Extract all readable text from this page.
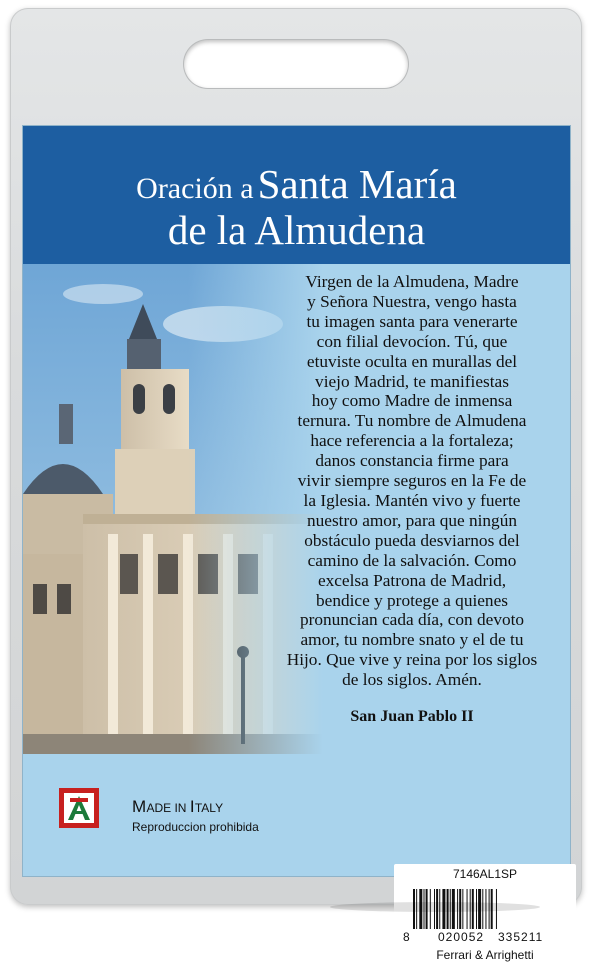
Oración a Santa María
de la Almudena
Virgen de la Almudena, Madre
y Señora Nuestra, vengo hasta
tu imagen santa para venerarte
con filial devocíon. Tú, que
etuviste oculta en murallas del
viejo Madrid, te manifiestas
hoy como Madre de inmensa
ternura. Tu nombre de Almudena
hace referencia a la fortaleza;
danos constancia firme para
vivir siempre seguros en la Fe de
la Iglesia. Mantén vivo y fuerte
nuestro amor, para que ningún
obstáculo pueda desviarnos del
camino de la salvación. Como
excelsa Patrona de Madrid,
bendice y protege a quienes
pronuncian cada día, con devoto
amor, tu nombre snato y el de tu
Hijo. Que vive y reina por los siglos
de los siglos. Amén.
San Juan Pablo II
7146AL1SP
8 020052 335211
Ferrari & Arrighetti
MADE IN ITALY
Reproduccion prohibida
